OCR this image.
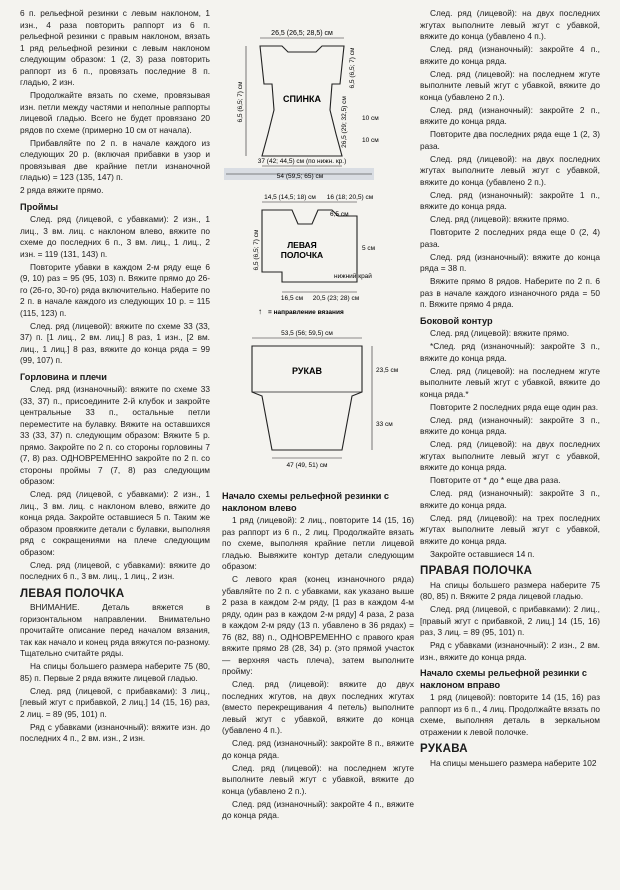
6 п. рельефной резинки с левым наклоном, 1 изн., 4 раза повторить раппорт из 6 п. рельефной резинки с правым наклоном, вязать 1 ряд рельефной резинки с левым наклоном следующим образом: 1 (2, 3) раза повторить раппорт из 6 п., провязать последние 8 п. гладью, 2 изн.

Продолжайте вязать по схеме, провязывая изн. петли между частями и неполные раппорты лицевой гладью. Всего не будет провязано 20 рядов по схеме (примерно 10 см от начала).

Прибавляйте по 2 п. в начале каждого из следующих 20 р. (включая прибавки в узор и провязывая две крайние петли изнаночной гладью) = 123 (135, 147) п.

2 ряда вяжите прямо.

Проймы

След. ряд (лицевой, с убавками): 2 изн., 1 лиц., 3 вм. лиц. с наклоном влево, вяжите по схеме до последних 6 п., 3 вм. лиц., 1 лиц., 2 изн. = 119 (131, 143) п.

Повторите убавки в каждом 2-м ряду еще 6 (9, 10) раз = 95 (95, 103) п. Вяжите прямо до 26-го (26-го, 30-го) ряда включительно. Наберите по 2 п. в начале каждого из следующих 10 р. = 115 (115, 123) п.

След. ряд (лицевой): вяжите по схеме 33 (33, 37) п. [1 лиц., 2 вм. лиц.] 8 раз, 1 изн., [2 вм. лиц., 1 лиц.] 8 раз, вяжите до конца ряда = 99 (99, 107) п.

Горловина и плечи

След. ряд (изнаночный): вяжите по схеме 33 (33, 37) п., присоедините 2-й клубок и закройте центральные 33 п., остальные петли переместите на булавку. Вяжите на оставшихся 33 (33, 37) п. следующим образом: Вяжите 5 р. прямо. Закройте по 2 п. со стороны горловины 7 (7, 8) раз. ОДНОВРЕМЕННО закройте по 2 п. со стороны проймы 7 (7, 8) раз следующим образом:

След. ряд (лицевой, с убавками): 2 изн., 1 лиц., 3 вм. лиц. с наклоном влево, вяжите до конца ряда. Закройте оставшиеся 5 п. Таким же образом провяжите детали с булавки, выполняя ряд с сокращениями на плече следующим образом:

След. ряд (лицевой, с убавками): вяжите до последних 6 п., 3 вм. лиц., 1 лиц., 2 изн.

ЛЕВАЯ ПОЛОЧКА

ВНИМАНИЕ. Деталь вяжется в горизонтальном направлении. Внимательно прочитайте описание перед началом вязания, так как начало и конец ряда вяжутся по-разному. Тщательно считайте ряды.

На спицы большего размера наберите 75 (80, 85) п. Первые 2 ряда вяжите лицевой гладью.

След. ряд (лицевой, с прибавками): 3 лиц., [левый жгут с прибавкой, 2 лиц.] 14 (15, 16) раз, 2 лиц. = 89 (95, 101) п.

Ряд с убавками (изнаночный): вяжите изн. до последних 4 п., 2 вм. изн., 2 изн.

26,5 (26,5; 28,5) см
6,5 (6,5; 7) см
6,5 (6,5; 7) см
26,5 (29; 32,5) см 10 см
10 см
СПИНКА
37 (42; 44,5) см (по нижн. кр.)
54 (59,5; 65) см
14,5 (14,5; 18) см 16 (18; 20,5) см
6,5 см
6,5 (6,5; 7) см	5 см
ЛЕВАЯ
ПОЛОЧКА
нижний край
16,5 см 20,5 (23; 28) см
↑ = направление вязания
53,5 (56; 59,5) см
РУКАВ	23,5 см
33 см
47 (49, 51) см
Начало схемы рельефной резинки с наклоном влево

1 ряд (лицевой): 2 лиц., повторите 14 (15, 16) раз раппорт из 6 п., 2 лиц. Продолжайте вязать по схеме, выполняя крайние петли лицевой гладью. Вывяжите контур детали следующим образом:

С левого края (конец изнаночного ряда) убавляйте по 2 п. с убавками, как указано выше 2 раза в каждом 2-м ряду, [1 раз в каждом 4-м ряду, один раз в каждом 2-м ряду] 4 раза, 2 раза в каждом 2-м ряду (13 п. убавлено в 36 рядах) = 76 (82, 88) п., ОДНОВРЕМЕННО с правого края вяжите прямо 28 (28, 34) р. (это прямой участок — верхняя часть плеча), затем выполните пройму:

След. ряд (лицевой): вяжите до двух последних жгутов, на двух последних жгутах (вместо перекрещивания 4 петель) выполните левый жгут с убавкой, вяжите до конца (убавлено 4 п.).

След. ряд (изнаночный): закройте 8 п., вяжите до конца ряда.

След. ряд (лицевой): на последнем жгуте выполните левый жгут с убавкой, вяжите до конца (убавлено 2 п.).

След. ряд (изнаночный): закройте 4 п., вяжите до конца ряда.

След. ряд (лицевой): на двух последних жгутах выполните левый жгут с убавкой, вяжите до конца (убавлено 4 п.).

След. ряд (изнаночный): закройте 4 п., вяжите до конца ряда.

След. ряд (лицевой): на последнем жгуте выполните левый жгут с убавкой, вяжите до конца (убавлено 2 п.).

След. ряд (изнаночный): закройте 2 п., вяжите до конца ряда.

Повторите два последних ряда еще 1 (2, 3) раза.

След. ряд (лицевой): на двух последних жгутах выполните левый жгут с убавкой, вяжите до конца (убавлено 2 п.).

След. ряд (изнаночный): закройте 1 п., вяжите до конца ряда.

След. ряд (лицевой): вяжите прямо.

Повторите 2 последних ряда еще 0 (2, 4) раза.

След. ряд (изнаночный): вяжите до конца ряда = 38 п.

Вяжите прямо 8 рядов. Наберите по 2 п. 6 раз в начале каждого изнаночного ряда = 50 п. Вяжите прямо 4 ряда.

Боковой контур

След. ряд (лицевой): вяжите прямо.

*След. ряд (изнаночный): закройте 3 п., вяжите до конца ряда.

След. ряд (лицевой): на последнем жгуте выполните левый жгут с убавкой, вяжите до конца ряда.*

Повторите 2 последних ряда еще один раз.

След. ряд (изнаночный): закройте 3 п., вяжите до конца ряда.

След. ряд (лицевой): на двух последних жгутах выполните левый жгут с убавкой, вяжите до конца ряда.

Повторите от * до * еще два раза.

След. ряд (изнаночный): закройте 3 п., вяжите до конца ряда.

След. ряд (лицевой): на трех последних жгутах выполните левый жгут с убавкой, вяжите до конца ряда.

Закройте оставшиеся 14 п.

ПРАВАЯ ПОЛОЧКА

На спицы большего размера наберите 75 (80, 85) п. Вяжите 2 ряда лицевой гладью.

След. ряд (лицевой, с прибавками): 2 лиц., [правый жгут с прибавкой, 2 лиц.] 14 (15, 16) раз, 3 лиц. = 89 (95, 101) п.

Ряд с убавками (изнаночный): 2 изн., 2 вм. изн., вяжите до конца ряда.

Начало схемы рельефной резинки с наклоном вправо

1 ряд (лицевой): повторите 14 (15, 16) раз раппорт из 6 п., 4 лиц. Продолжайте вязать по схеме, выполняя деталь в зеркальном отражении к левой полочке.

РУКАВА

На спицы меньшего размера наберите 102
